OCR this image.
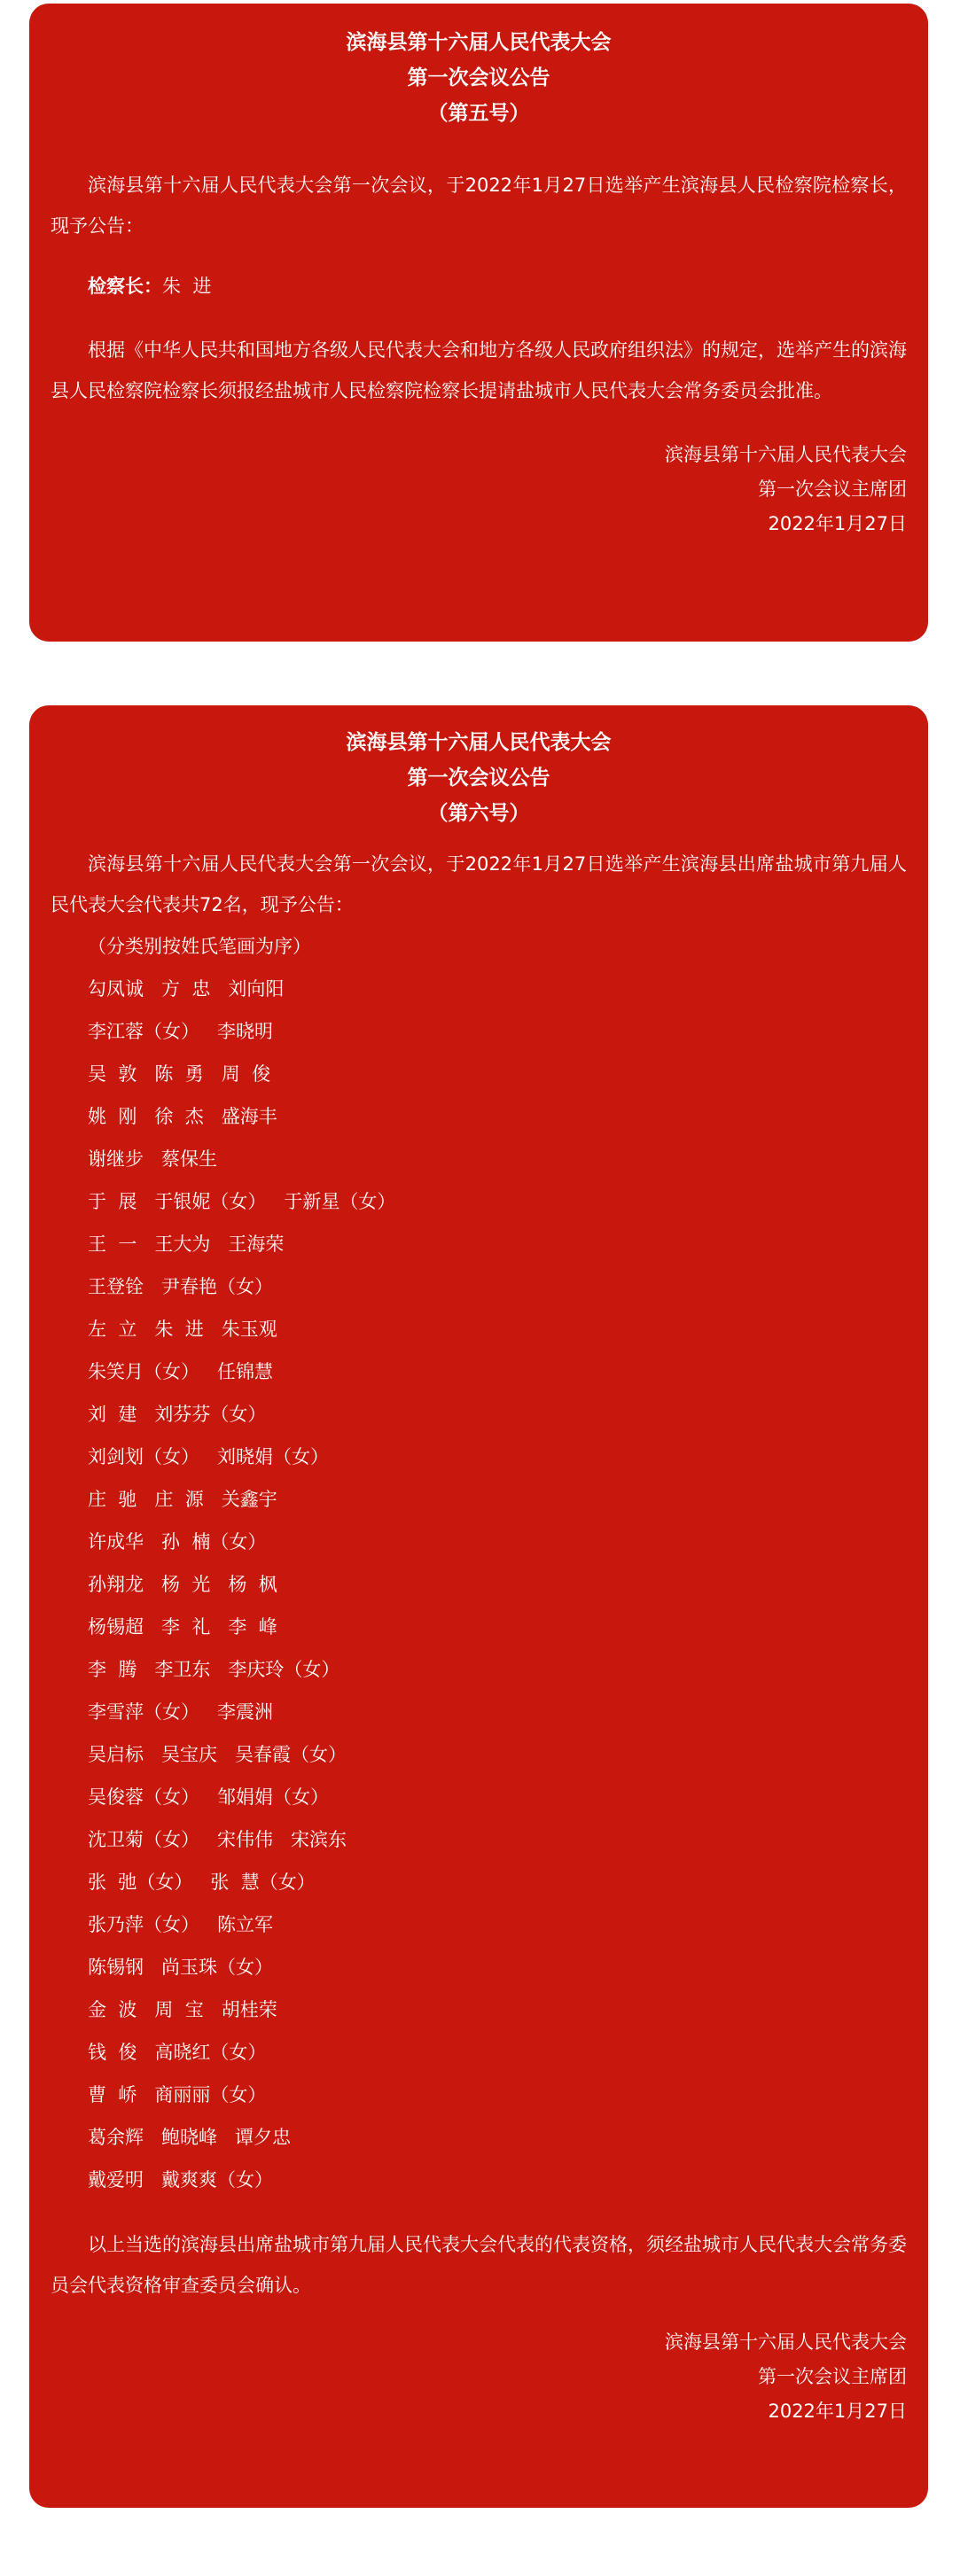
滨海县第十六届人民代表大会

第一次会议公告

（第五号）

滨海县第十六届人民代表大会第一次会议，于2022年1月27日选举产生滨海县人民检察院检察长，现予公告：

检察长：朱  进

根据《中华人民共和国地方各级人民代表大会和地方各级人民政府组织法》的规定，选举产生的滨海县人民检察院检察长须报经盐城市人民检察院检察长提请盐城市人民代表大会常务委员会批准。

滨海县第十六届人民代表大会

第一次会议主席团

2022年1月27日

滨海县第十六届人民代表大会

第一次会议公告

（第六号）

滨海县第十六届人民代表大会第一次会议，于2022年1月27日选举产生滨海县出席盐城市第九届人民代表大会代表共72名，现予公告：

（分类别按姓氏笔画为序）

勾凤诚   方  忠   刘向阳

李江蓉（女）   李晓明

吴  敦   陈  勇   周  俊

姚  刚   徐  杰   盛海丰

谢继步   蔡保生

于  展   于银妮（女）   于新星（女）

王  一   王大为   王海荣

王登铨   尹春艳（女）

左  立   朱  进   朱玉观

朱笑月（女）   任锦慧

刘  建   刘芬芬（女）

刘剑划（女）   刘晓娟（女）

庄  驰   庄  源   关鑫宇

许成华   孙  楠（女）

孙翔龙   杨  光   杨  枫

杨锡超   李  礼   李  峰

李  腾   李卫东   李庆玲（女）

李雪萍（女）   李震洲

吴启标   吴宝庆   吴春霞（女）

吴俊蓉（女）   邹娟娟（女）

沈卫菊（女）   宋伟伟   宋滨东

张  弛（女）   张  慧（女）

张乃萍（女）   陈立军

陈锡钢   尚玉珠（女）

金  波   周  宝   胡桂荣

钱  俊   高晓红（女）

曹  峤   商丽丽（女）

葛余辉   鲍晓峰   谭夕忠

戴爱明   戴爽爽（女）

以上当选的滨海县出席盐城市第九届人民代表大会代表的代表资格，须经盐城市人民代表大会常务委员会代表资格审查委员会确认。

滨海县第十六届人民代表大会

第一次会议主席团

2022年1月27日
